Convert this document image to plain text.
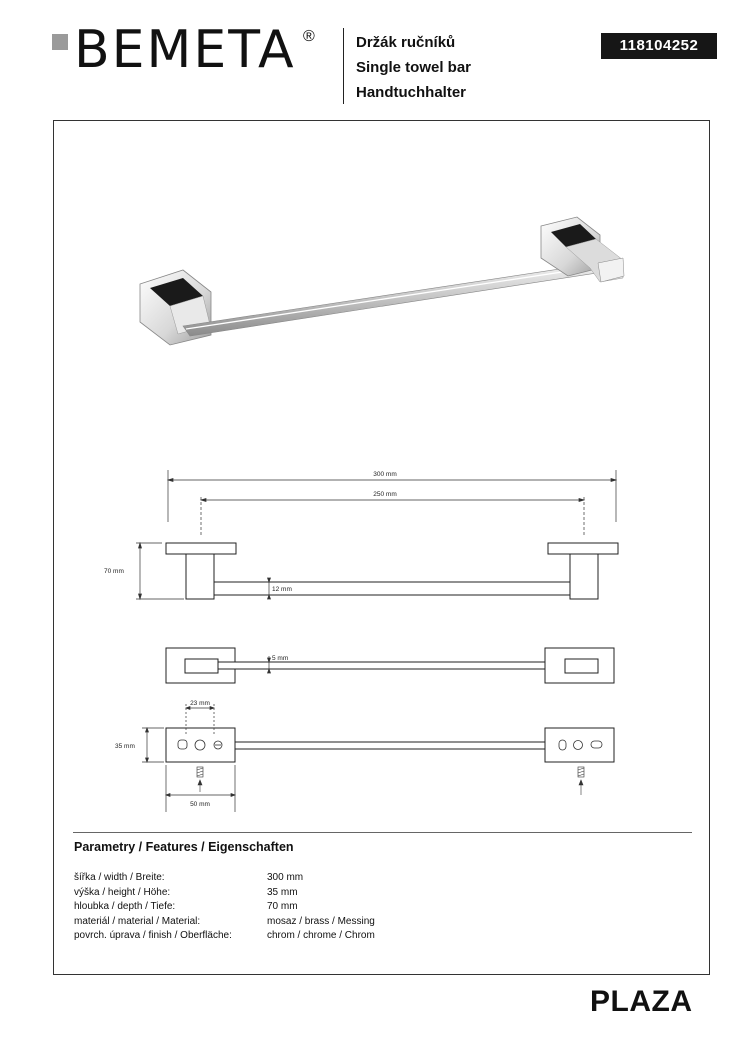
BEMETA ®	Držák ručníků
Single towel bar
Handtuchhalter
118104252
300 mm
250 mm
70 mm
12 mm
5 mm
23 mm
35 mm
50 mm
Parametry / Features / Eigenschaften
šířka / width / Breite:	300 mm
výška / height / Höhe:	35 mm
hloubka / depth / Tiefe:	70 mm
materiál / material / Material:	mosaz / brass / Messing
povrch. úprava / finish / Oberfläche:	chrom / chrome / Chrom
PLAZA
